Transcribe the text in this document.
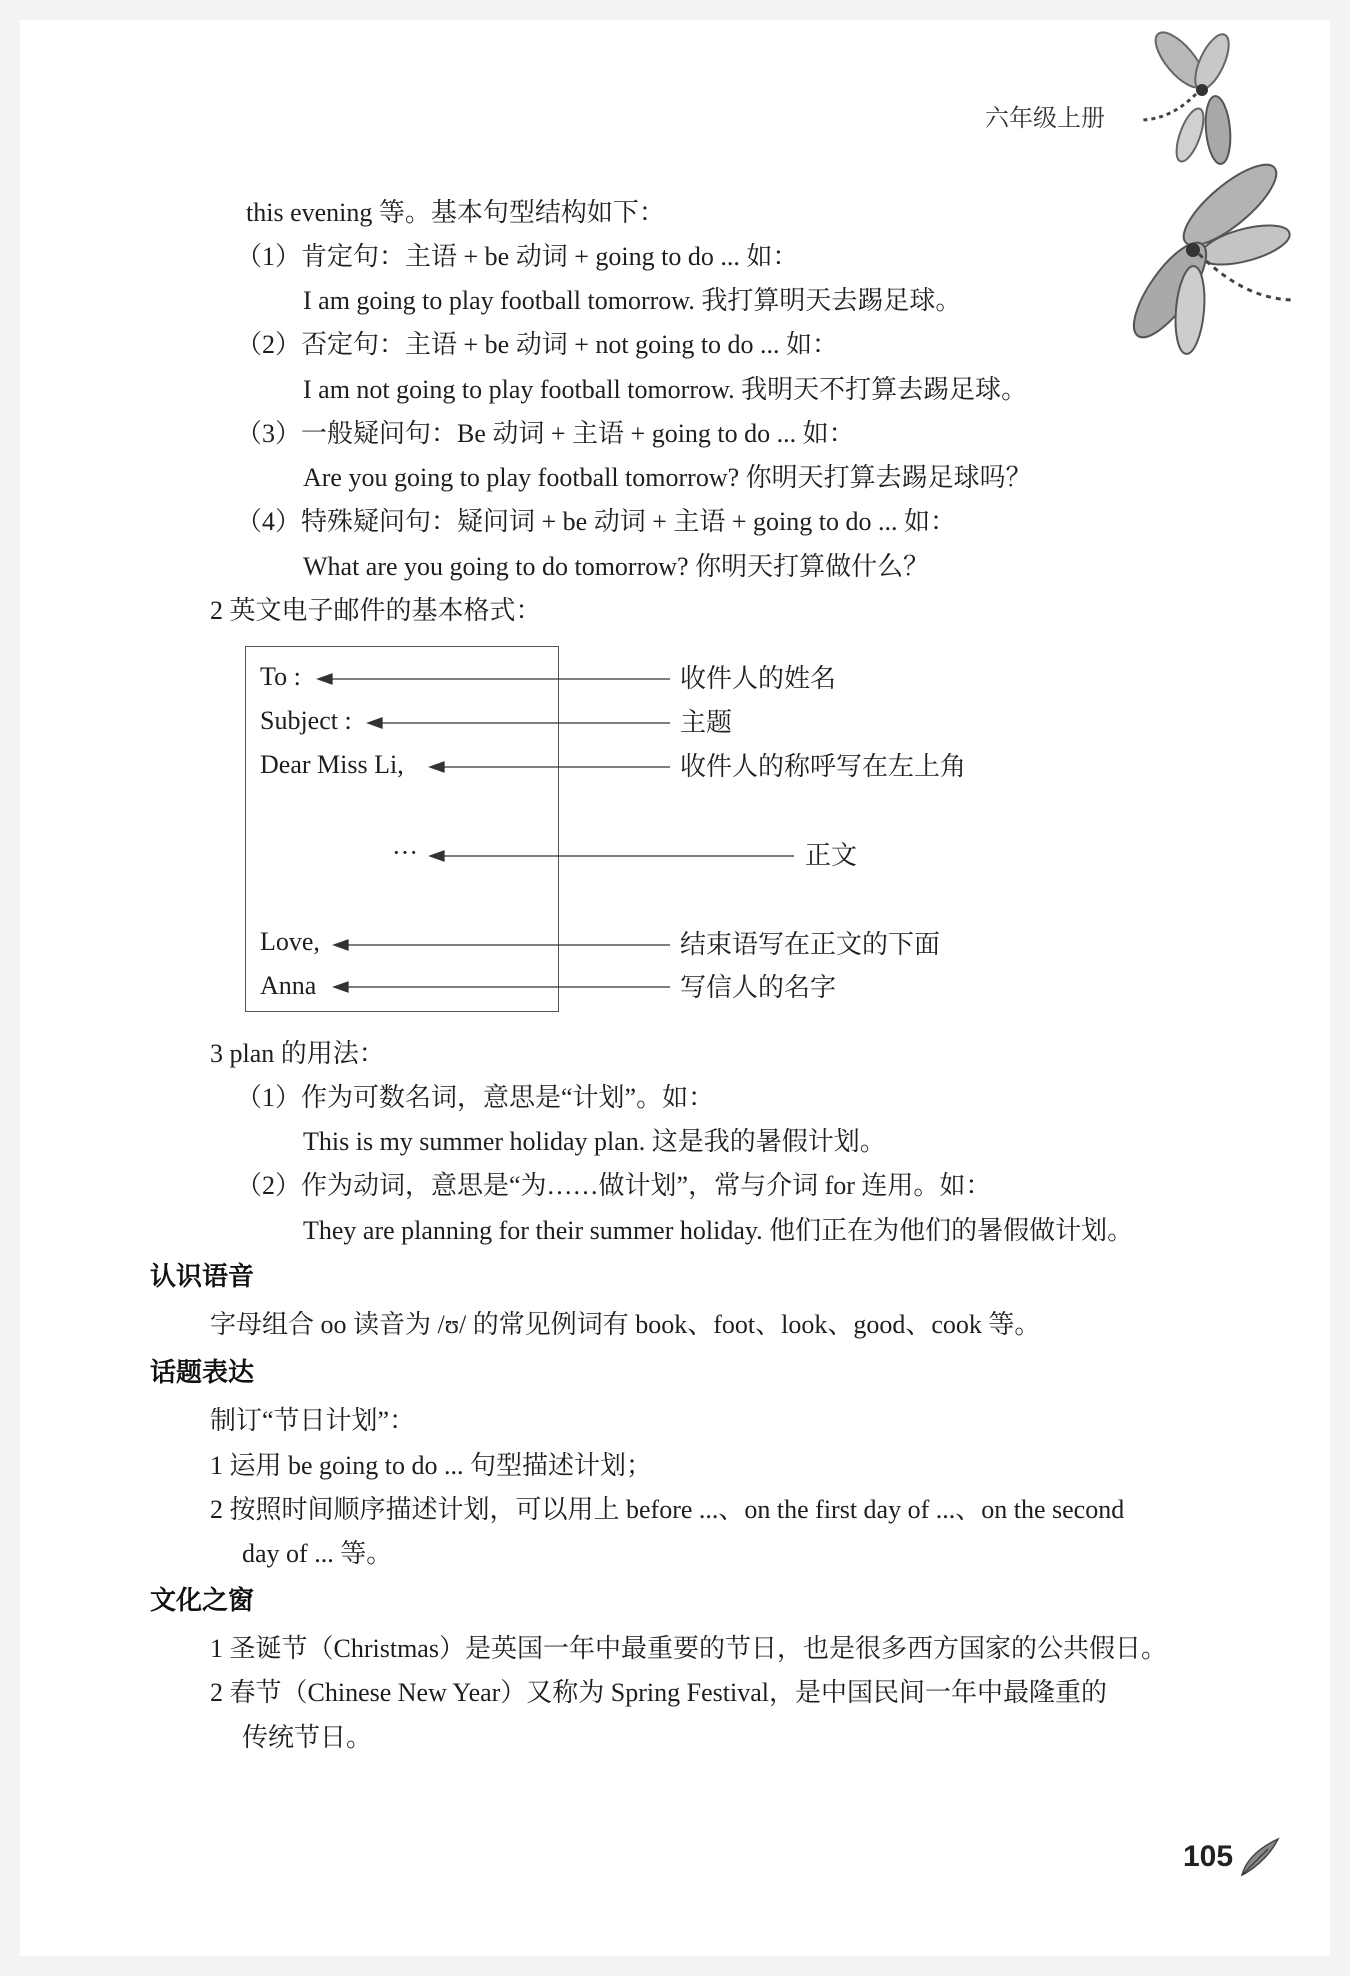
六年级上册
this evening 等。基本句型结构如下：
（1）肯定句：主语 + be 动词 + going to do ... 如：
I am going to play football tomorrow. 我打算明天去踢足球。
（2）否定句：主语 + be 动词 + not going to do ... 如：
I am not going to play football tomorrow. 我明天不打算去踢足球。
（3）一般疑问句：Be 动词 + 主语 + going to do ... 如：
Are you going to play football tomorrow? 你明天打算去踢足球吗？
（4）特殊疑问句：疑问词 + be 动词 + 主语 + going to do ... 如：
What are you going to do tomorrow? 你明天打算做什么？
2 英文电子邮件的基本格式：
To :
Subject :
Dear Miss Li,
···
Love,
Anna
收件人的姓名
主题
收件人的称呼写在左上角
正文
结束语写在正文的下面
写信人的名字
3 plan 的用法：
（1）作为可数名词，意思是“计划”。如：
This is my summer holiday plan. 这是我的暑假计划。
（2）作为动词，意思是“为……做计划”，常与介词 for 连用。如：
They are planning for their summer holiday. 他们正在为他们的暑假做计划。
认识语音
字母组合 oo 读音为 /ʊ/ 的常见例词有 book、foot、look、good、cook 等。
话题表达
制订“节日计划”：
1 运用 be going to do ... 句型描述计划；
2 按照时间顺序描述计划，可以用上 before ...、on the first day of ...、on the second
day of ... 等。
文化之窗
1 圣诞节（Christmas）是英国一年中最重要的节日，也是很多西方国家的公共假日。
2 春节（Chinese New Year）又称为 Spring Festival，是中国民间一年中最隆重的
传统节日。
105
